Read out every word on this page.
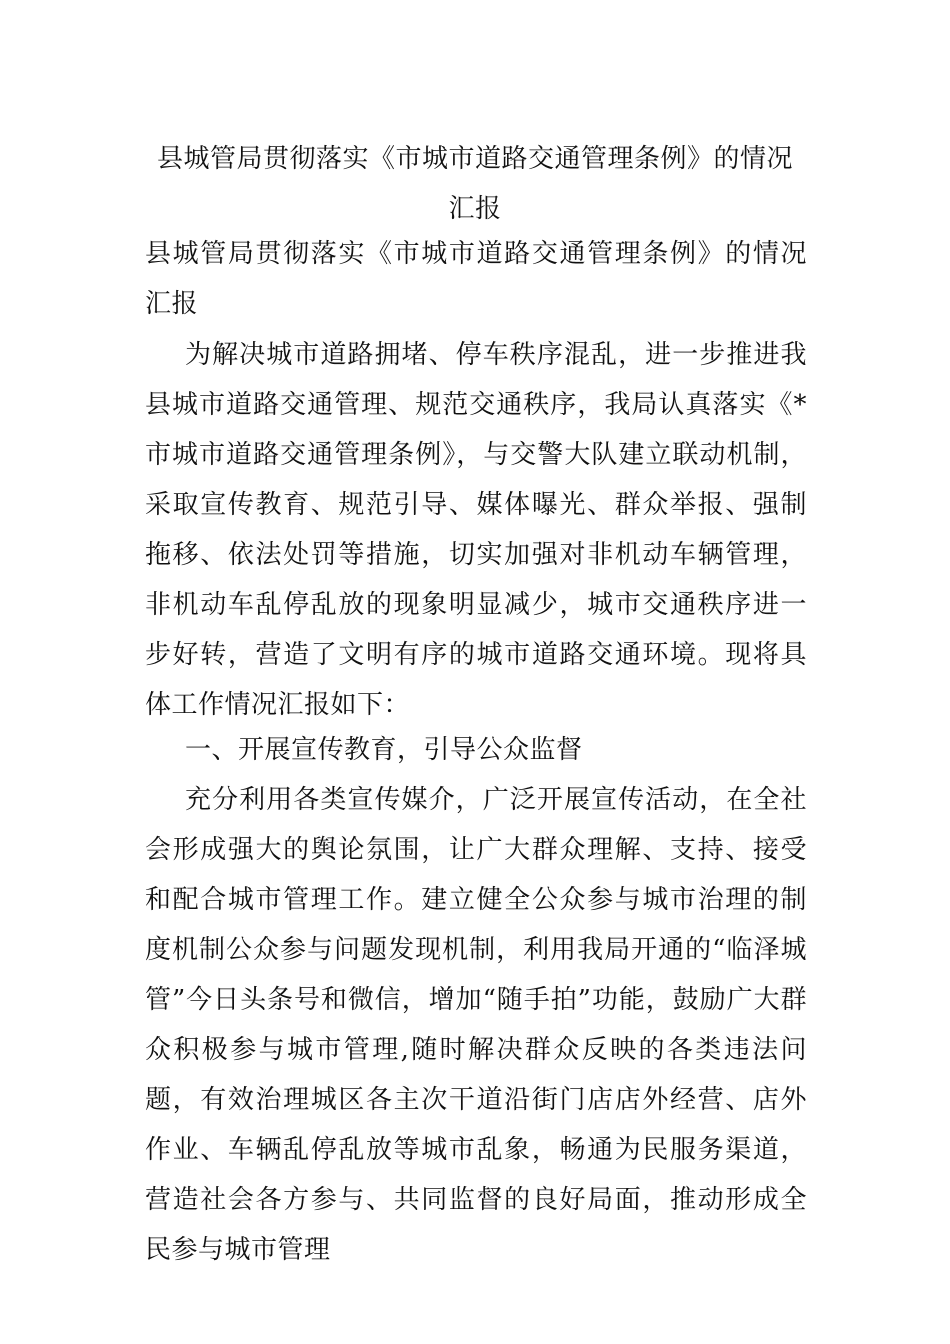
县城管局贯彻落实《市城市道路交通管理条例》的情况汇报
县城管局贯彻落实《市城市道路交通管理条例》的情况汇报
为解决城市道路拥堵、停车秩序混乱，进一步推进我县城市道路交通管理、规范交通秩序，我局认真落实《*市城市道路交通管理条例》，与交警大队建立联动机制，采取宣传教育、规范引导、媒体曝光、群众举报、强制拖移、依法处罚等措施，切实加强对非机动车辆管理，非机动车乱停乱放的现象明显减少，城市交通秩序进一步好转，营造了文明有序的城市道路交通环境。现将具体工作情况汇报如下：
一、开展宣传教育，引导公众监督
充分利用各类宣传媒介，广泛开展宣传活动，在全社会形成强大的舆论氛围，让广大群众理解、支持、接受和配合城市管理工作。建立健全公众参与城市治理的制度机制公众参与问题发现机制，利用我局开通的“临泽城管”今日头条号和微信，增加“随手拍”功能，鼓励广大群众积极参与城市管理,随时解决群众反映的各类违法问题，有效治理城区各主次干道沿街门店店外经营、店外作业、车辆乱停乱放等城市乱象，畅通为民服务渠道，营造社会各方参与、共同监督的良好局面，推动形成全民参与城市管理
